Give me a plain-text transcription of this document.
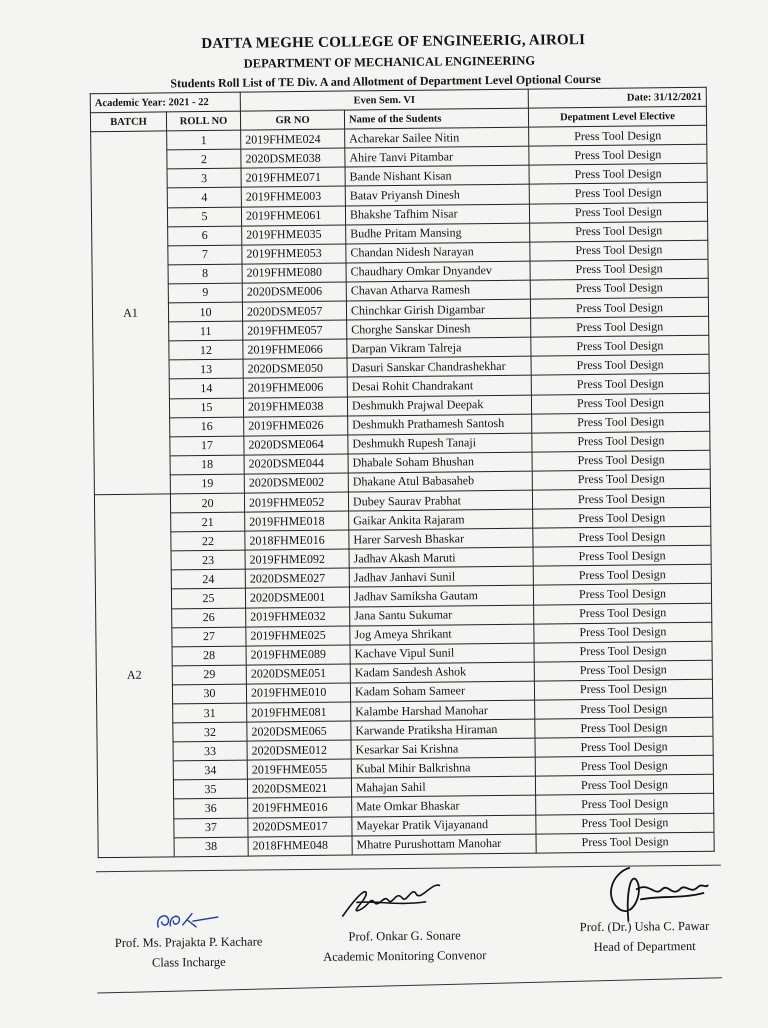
DATTA MEGHE COLLEGE OF ENGINEERIG, AIROLI
DEPARTMENT OF MECHANICAL ENGINEERING
Students Roll List of TE Div. A and Allotment of Department Level Optional Course
Academic Year: 2021 - 22		Even Sem. VI		Date: 31/12/2021
BATCH	ROLL NO	GR NO	Name of the Sudents	Depatment Level Elective
A1	1	2019FHME024	Acharekar Sailee Nitin	Press Tool Design
	2	2020DSME038	Ahire Tanvi Pitambar	Press Tool Design
	3	2019FHME071	Bande Nishant Kisan	Press Tool Design
	4	2019FHME003	Batav Priyansh Dinesh	Press Tool Design
	5	2019FHME061	Bhakshe Tafhim Nisar	Press Tool Design
	6	2019FHME035	Budhe Pritam Mansing	Press Tool Design
	7	2019FHME053	Chandan Nidesh Narayan	Press Tool Design
	8	2019FHME080	Chaudhary Omkar Dnyandev	Press Tool Design
	9	2020DSME006	Chavan Atharva Ramesh	Press Tool Design
	10	2020DSME057	Chinchkar Girish Digambar	Press Tool Design
	11	2019FHME057	Chorghe Sanskar Dinesh	Press Tool Design
	12	2019FHME066	Darpan Vikram Talreja	Press Tool Design
	13	2020DSME050	Dasuri Sanskar Chandrashekhar	Press Tool Design
	14	2019FHME006	Desai Rohit Chandrakant	Press Tool Design
	15	2019FHME038	Deshmukh Prajwal Deepak	Press Tool Design
	16	2019FHME026	Deshmukh Prathamesh Santosh	Press Tool Design
	17	2020DSME064	Deshmukh Rupesh Tanaji	Press Tool Design
	18	2020DSME044	Dhabale Soham Bhushan	Press Tool Design
	19	2020DSME002	Dhakane Atul Babasaheb	Press Tool Design
A2	20	2019FHME052	Dubey Saurav Prabhat	Press Tool Design
	21	2019FHME018	Gaikar Ankita Rajaram	Press Tool Design
	22	2018FHME016	Harer Sarvesh Bhaskar	Press Tool Design
	23	2019FHME092	Jadhav Akash Maruti	Press Tool Design
	24	2020DSME027	Jadhav Janhavi Sunil	Press Tool Design
	25	2020DSME001	Jadhav Samiksha Gautam	Press Tool Design
	26	2019FHME032	Jana Santu Sukumar	Press Tool Design
	27	2019FHME025	Jog Ameya Shrikant	Press Tool Design
	28	2019FHME089	Kachave Vipul Sunil	Press Tool Design
	29	2020DSME051	Kadam Sandesh Ashok	Press Tool Design
	30	2019FHME010	Kadam Soham Sameer	Press Tool Design
	31	2019FHME081	Kalambe Harshad Manohar	Press Tool Design
	32	2020DSME065	Karwande Pratiksha Hiraman	Press Tool Design
	33	2020DSME012	Kesarkar Sai Krishna	Press Tool Design
	34	2019FHME055	Kubal Mihir Balkrishna	Press Tool Design
	35	2020DSME021	Mahajan Sahil	Press Tool Design
	36	2019FHME016	Mate Omkar Bhaskar	Press Tool Design
	37	2020DSME017	Mayekar Pratik Vijayanand	Press Tool Design
	38	2018FHME048	Mhatre Purushottam Manohar	Press Tool Design
Prof. Ms. Prajakta P. Kachare
Class Incharge
Prof. Onkar G. Sonare
Academic Monitoring Convenor
Prof. (Dr.) Usha C. Pawar
Head of Department
